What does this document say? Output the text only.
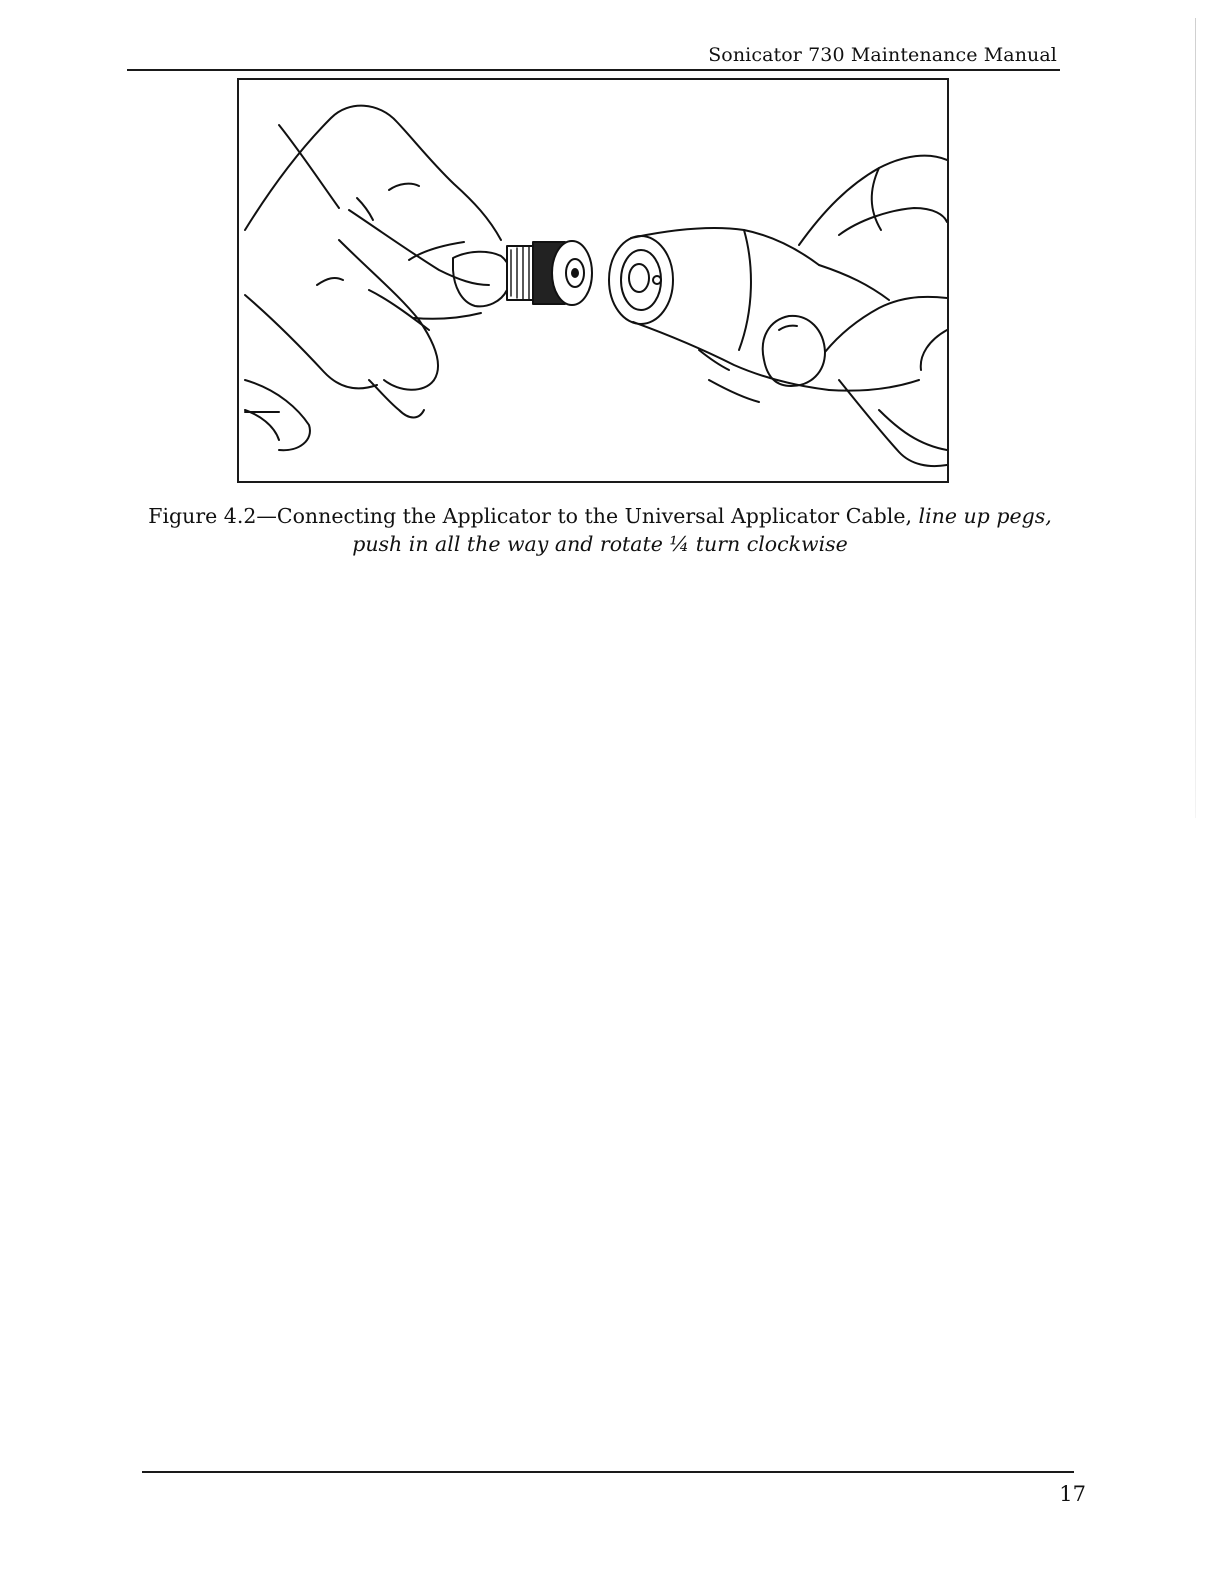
Sonicator 730 Maintenance Manual
Figure 4.2—Connecting the Applicator to the Universal Applicator Cable, line up pegs,
push in all the way and rotate ¼ turn clockwise
17
